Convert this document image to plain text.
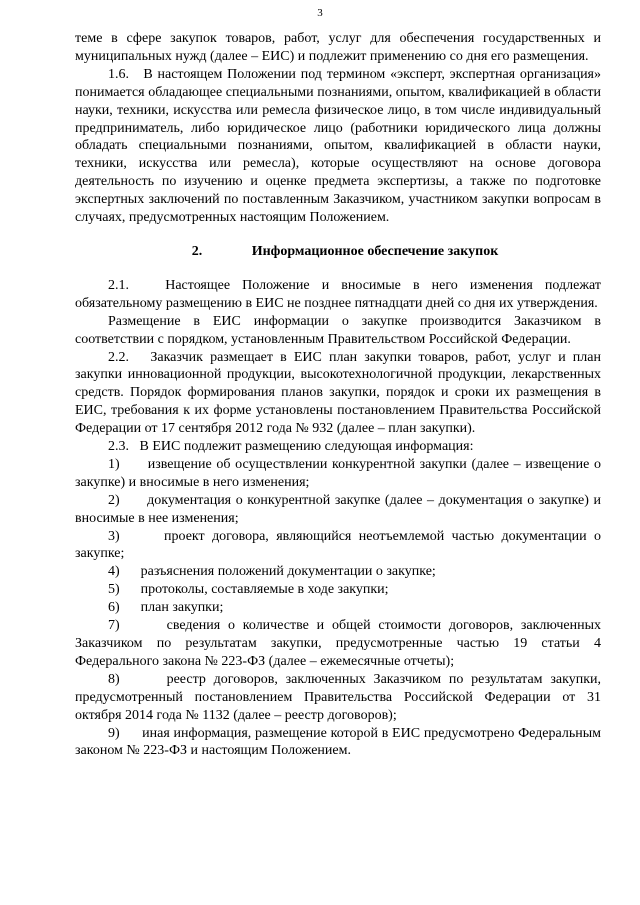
3

теме в сфере закупок товаров, работ, услуг для обеспечения государственных и муниципальных нужд (далее – ЕИС) и подлежит применению со дня его размещения.

1.6.   В настоящем Положении под термином «эксперт, экспертная организация» понимается обладающее специальными познаниями, опытом, квалификацией в области науки, техники, искусства или ремесла физическое лицо, в том числе индивидуальный предприниматель, либо юридическое лицо (работники юридического лица должны обладать специальными познаниями, опытом, квалификацией в области науки, техники, искусства или ремесла), которые осуществляют на основе договора деятельность по изучению и оценке предмета экспертизы, а также по подготовке экспертных заключений по поставленным Заказчиком, участником закупки вопросам в случаях, предусмотренных настоящим Положением.

2.	Информационное обеспечение закупок

2.1.   Настоящее Положение и вносимые в него изменения подлежат обязательному размещению в ЕИС не позднее пятнадцати дней со дня их утверждения.

Размещение в ЕИС информации о закупке производится Заказчиком в соответствии с порядком, установленным Правительством Российской Федерации.

2.2.   Заказчик размещает в ЕИС план закупки товаров, работ, услуг и план закупки инновационной продукции, высокотехнологичной продукции, лекарственных средств. Порядок формирования планов закупки, порядок и сроки их размещения в ЕИС, требования к их форме установлены постановлением Правительства Российской Федерации от 17 сентября 2012 года № 932 (далее – план закупки).

2.3.   В ЕИС подлежит размещению следующая информация:

1)      извещение об осуществлении конкурентной закупки (далее – извещение о закупке) и вносимые в него изменения;

2)      документация о конкурентной закупке (далее – документация о закупке) и вносимые в нее изменения;

3)      проект договора, являющийся неотъемлемой частью документации о закупке;

4)      разъяснения положений документации о закупке;

5)      протоколы, составляемые в ходе закупки;

6)      план закупки;

7)      сведения о количестве и общей стоимости договоров, заключенных Заказчиком по результатам закупки, предусмотренные частью 19 статьи 4 Федерального закона № 223-ФЗ (далее – ежемесячные отчеты);

8)      реестр договоров, заключенных Заказчиком по результатам закупки, предусмотренный постановлением Правительства Российской Федерации от 31 октября 2014 года № 1132 (далее – реестр договоров);

9)      иная информация, размещение которой в ЕИС предусмотрено Федеральным законом № 223-ФЗ и настоящим Положением.
